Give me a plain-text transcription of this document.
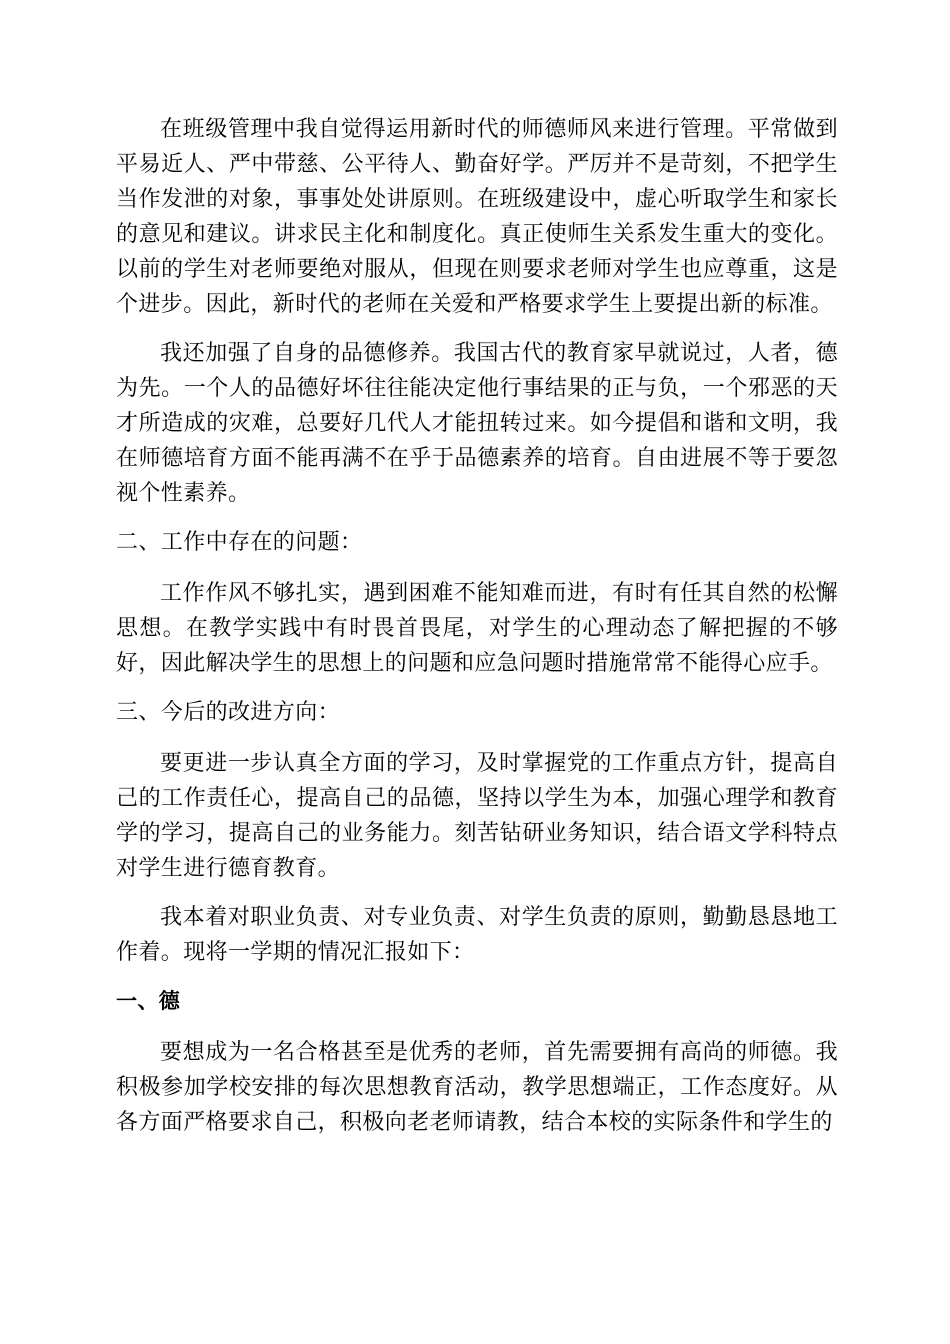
在班级管理中我自觉得运用新时代的师德师风来进行管理。平常做到平易近人、严中带慈、公平待人、勤奋好学。严厉并不是苛刻，不把学生当作发泄的对象，事事处处讲原则。在班级建设中，虚心听取学生和家长的意见和建议。讲求民主化和制度化。真正使师生关系发生重大的变化。以前的学生对老师要绝对服从，但现在则要求老师对学生也应尊重，这是个进步。因此，新时代的老师在关爱和严格要求学生上要提出新的标准。

我还加强了自身的品德修养。我国古代的教育家早就说过，人者，德为先。一个人的品德好坏往往能决定他行事结果的正与负，一个邪恶的天才所造成的灾难，总要好几代人才能扭转过来。如今提倡和谐和文明，我在师德培育方面不能再满不在乎于品德素养的培育。自由进展不等于要忽视个性素养。

二、工作中存在的问题：

工作作风不够扎实，遇到困难不能知难而进，有时有任其自然的松懈思想。在教学实践中有时畏首畏尾，对学生的心理动态了解把握的不够好，因此解决学生的思想上的问题和应急问题时措施常常不能得心应手。

三、今后的改进方向：

要更进一步认真全方面的学习，及时掌握党的工作重点方针，提高自己的工作责任心，提高自己的品德，坚持以学生为本，加强心理学和教育学的学习，提高自己的业务能力。刻苦钻研业务知识，结合语文学科特点对学生进行德育教育。

我本着对职业负责、对专业负责、对学生负责的原则，勤勤恳恳地工作着。现将一学期的情况汇报如下：

一、德

要想成为一名合格甚至是优秀的老师，首先需要拥有高尚的师德。我积极参加学校安排的每次思想教育活动，教学思想端正，工作态度好。从各方面严格要求自己，积极向老老师请教，结合本校的实际条件和学生的
